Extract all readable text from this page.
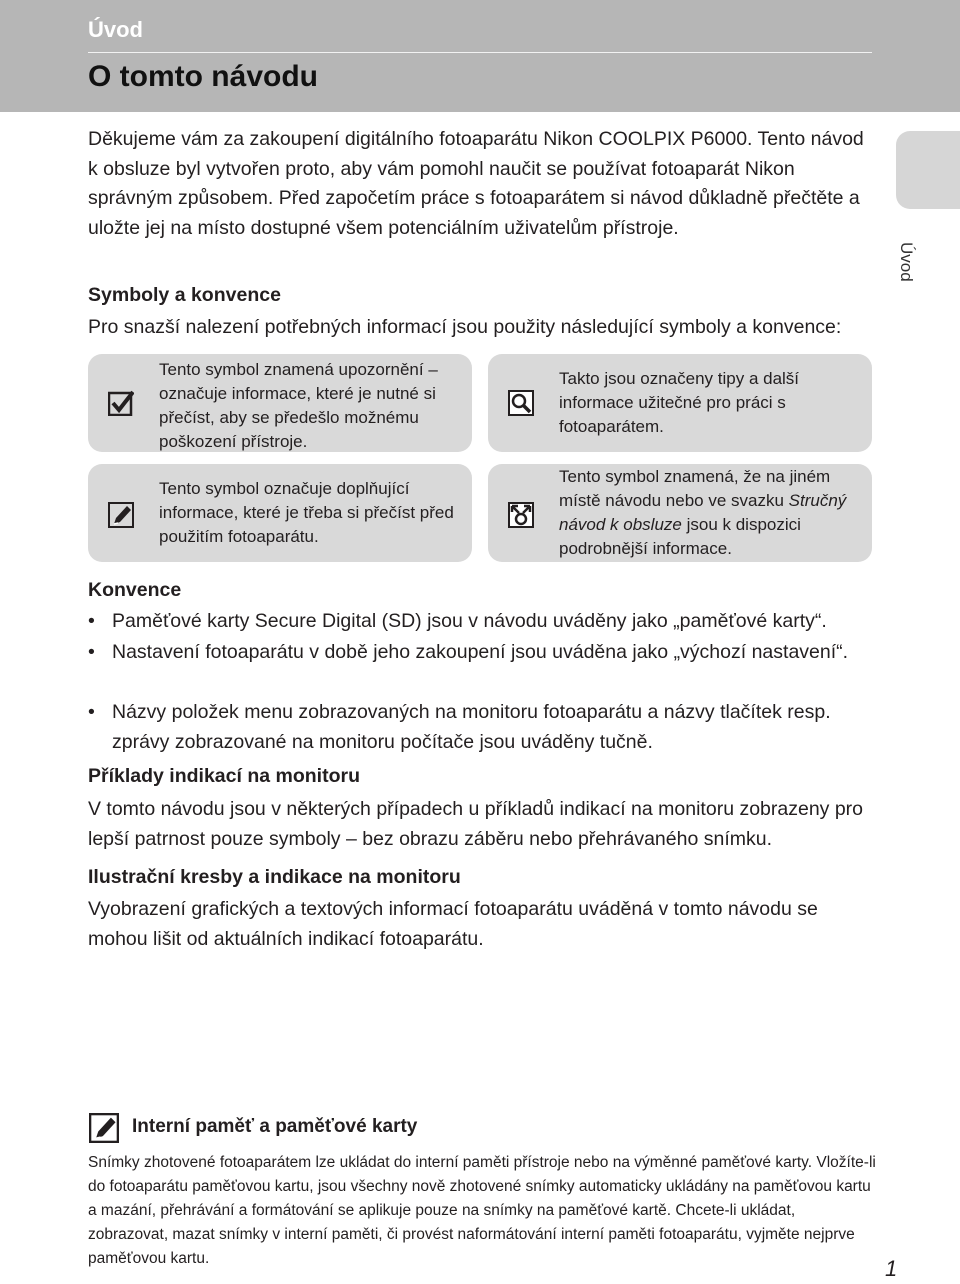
Úvod
O tomto návodu
Úvod

Děkujeme vám za zakoupení digitálního fotoaparátu Nikon COOLPIX P6000. Tento návod k obsluze byl vytvořen proto, aby vám pomohl naučit se používat fotoaparát Nikon správným způsobem. Před započetím práce s fotoaparátem si návod důkladně přečtěte a uložte jej na místo dostupné všem potenciálním uživatelům přístroje.

Symboly a konvence

Pro snazší nalezení potřebných informací jsou použity následující symboly a konvence:

Tento symbol znamená upozornění – označuje informace, které je nutné si přečíst, aby se předešlo možnému poškození přístroje.

Takto jsou označeny tipy a další informace užitečné pro práci s fotoaparátem.

Tento symbol označuje doplňující informace, které je třeba si přečíst před použitím fotoaparátu.

Tento symbol znamená, že na jiném místě návodu nebo ve svazku Stručný návod k obsluze jsou k dispozici podrobnější informace.

Konvence
• Paměťové karty Secure Digital (SD) jsou v návodu uváděny jako „paměťové karty“.

• Nastavení fotoaparátu v době jeho zakoupení jsou uváděna jako „výchozí nastavení“.

• Názvy položek menu zobrazovaných na monitoru fotoaparátu a názvy tlačítek resp. zprávy zobrazované na monitoru počítače jsou uváděny tučně.

Příklady indikací na monitoru

V tomto návodu jsou v některých případech u příkladů indikací na monitoru zobrazeny pro lepší patrnost pouze symboly – bez obrazu záběru nebo přehrávaného snímku.

Ilustrační kresby a indikace na monitoru

Vyobrazení grafických a textových informací fotoaparátu uváděná v tomto návodu se mohou lišit od aktuálních indikací fotoaparátu.

Interní paměť a paměťové karty

Snímky zhotovené fotoaparátem lze ukládat do interní paměti přístroje nebo na výměnné paměťové karty. Vložíte-li do fotoaparátu paměťovou kartu, jsou všechny nově zhotovené snímky automaticky ukládány na paměťovou kartu a mazání, přehrávání a formátování se aplikuje pouze na snímky na paměťové kartě. Chcete-li ukládat, zobrazovat, mazat snímky v interní paměti, či provést naformátování interní paměti fotoaparátu, vyjměte nejprve paměťovou kartu.	1
